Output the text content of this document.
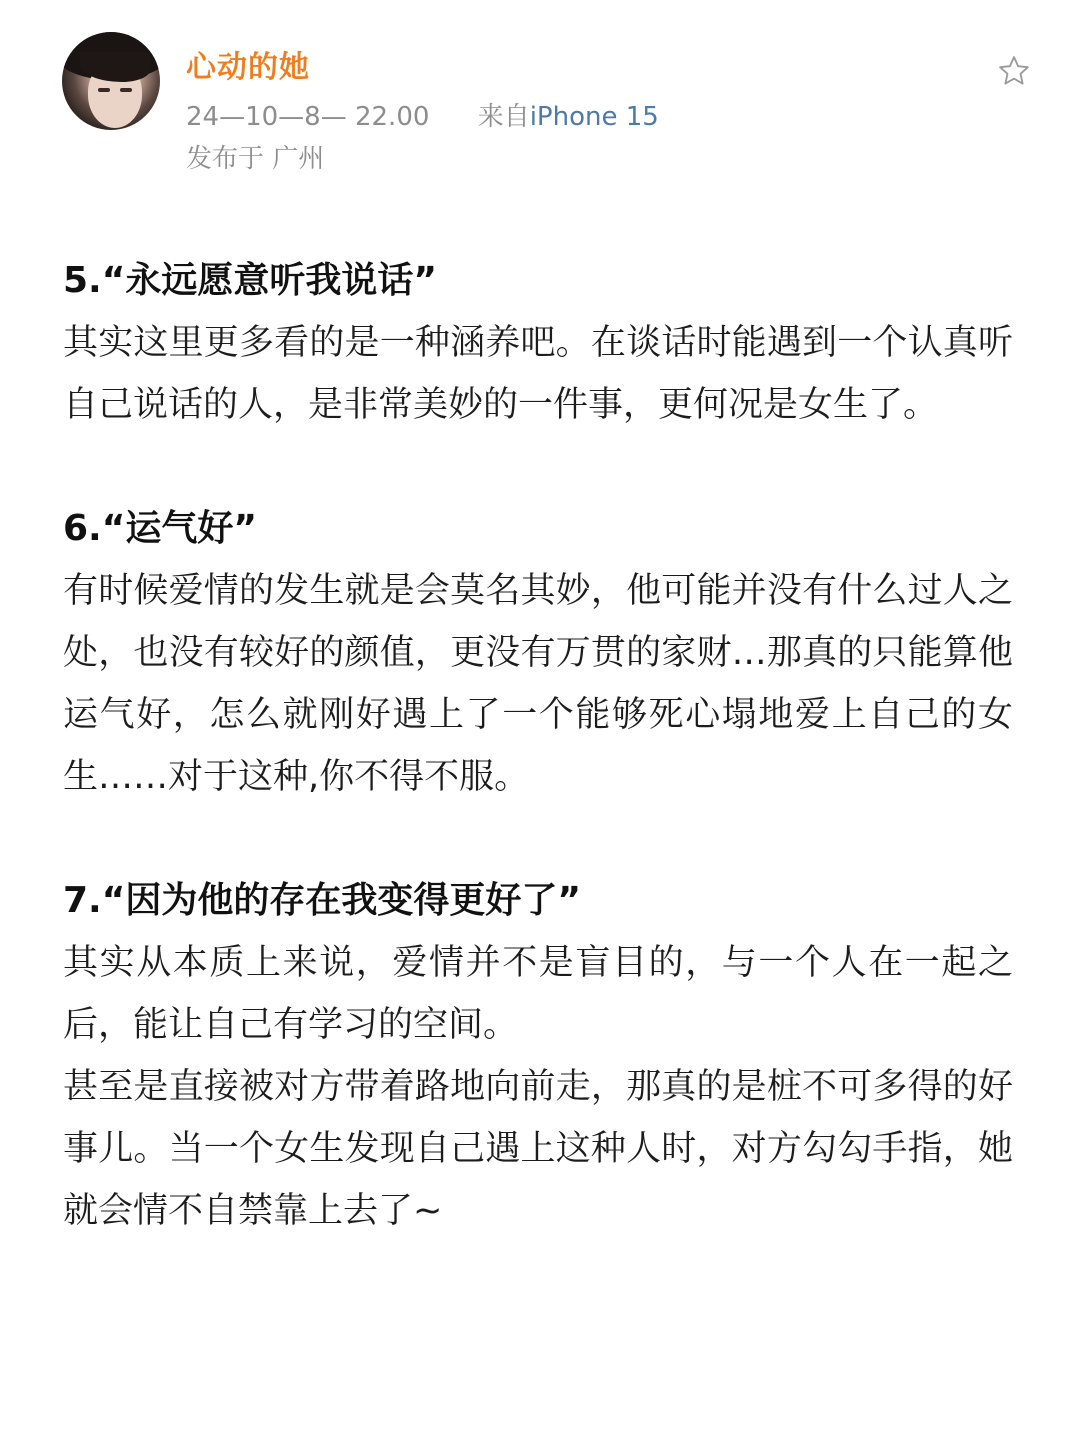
心动的她
24—10—8— 22.00 来自iPhone 15
发布于 广州
5.“永远愿意听我说话”

其实这里更多看的是一种涵养吧。在谈话时能遇到一个认真听自己说话的人，是非常美妙的一件事，更何况是女生了。

6.“运气好”

有时候爱情的发生就是会莫名其妙，他可能并没有什么过人之处，也没有较好的颜值，更没有万贯的家财…那真的只能算他运气好，怎么就刚好遇上了一个能够死心塌地爱上自己的女生……对于这种,你不得不服。

7.“因为他的存在我变得更好了”

其实从本质上来说，爱情并不是盲目的，与一个人在一起之后，能让自己有学习的空间。

甚至是直接被对方带着路地向前走，那真的是桩不可多得的好事儿。当一个女生发现自己遇上这种人时，对方勾勾手指，她就会情不自禁靠上去了~
